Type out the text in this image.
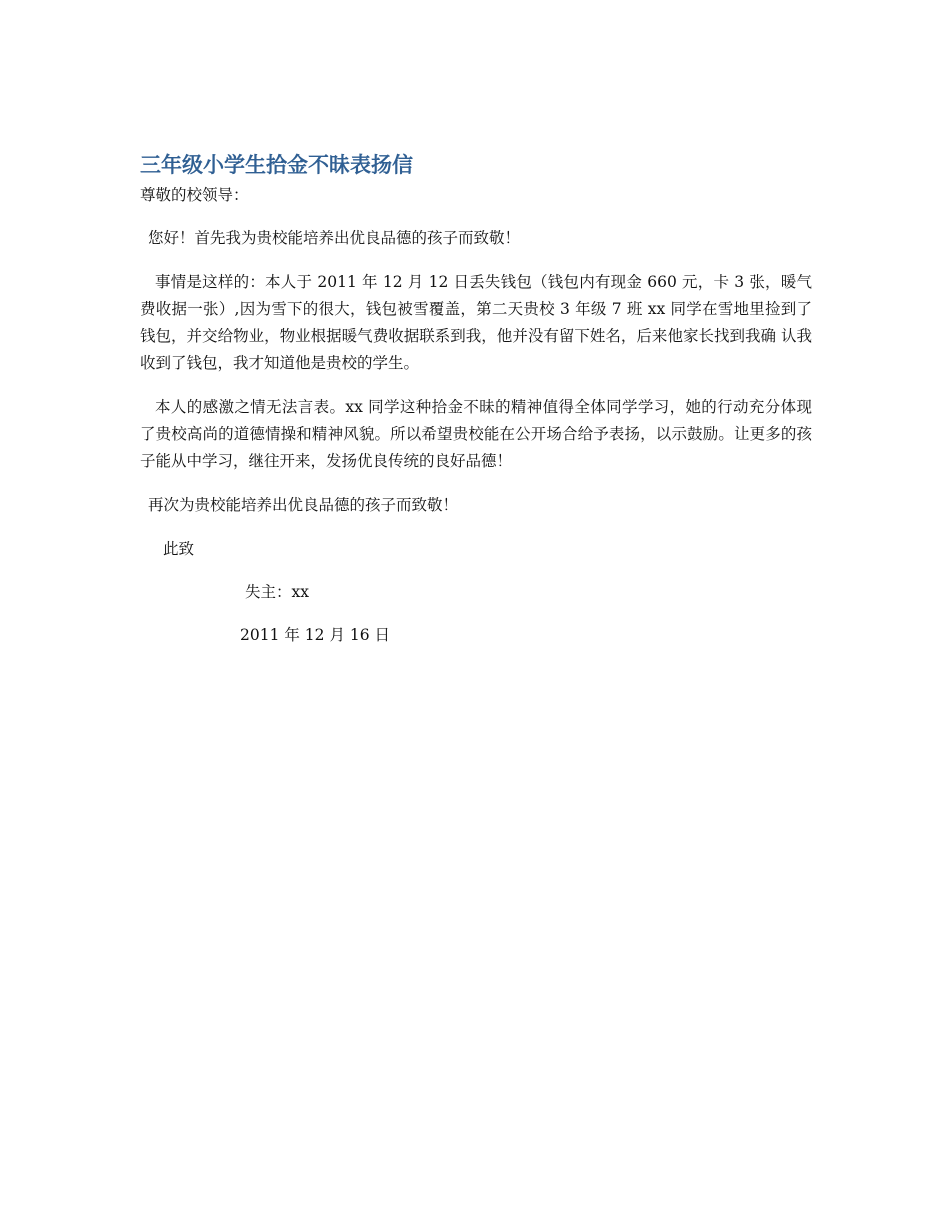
三年级小学生拾金不昧表扬信

尊敬的校领导：

您好！首先我为贵校能培养出优良品德的孩子而致敬！

事情是这样的：本人于 2011 年 12 月 12 日丢失钱包（钱包内有现金 660 元，卡 3 张，暖气费收据一张）,因为雪下的很大，钱包被雪覆盖，第二天贵校 3 年级 7 班 xx 同学在雪地里捡到了钱包，并交给物业，物业根据暖气费收据联系到我，他并没有留下姓名，后来他家长找到我确 认我收到了钱包，我才知道他是贵校的学生。

本人的感激之情无法言表。xx 同学这种拾金不昧的精神值得全体同学学习，她的行动充分体现了贵校高尚的道德情操和精神风貌。所以希望贵校能在公开场合给予表扬，以示鼓励。让更多的孩子能从中学习，继往开来，发扬优良传统的良好品德！

再次为贵校能培养出优良品德的孩子而致敬！

此致

失主：xx

2011 年 12 月 16 日
